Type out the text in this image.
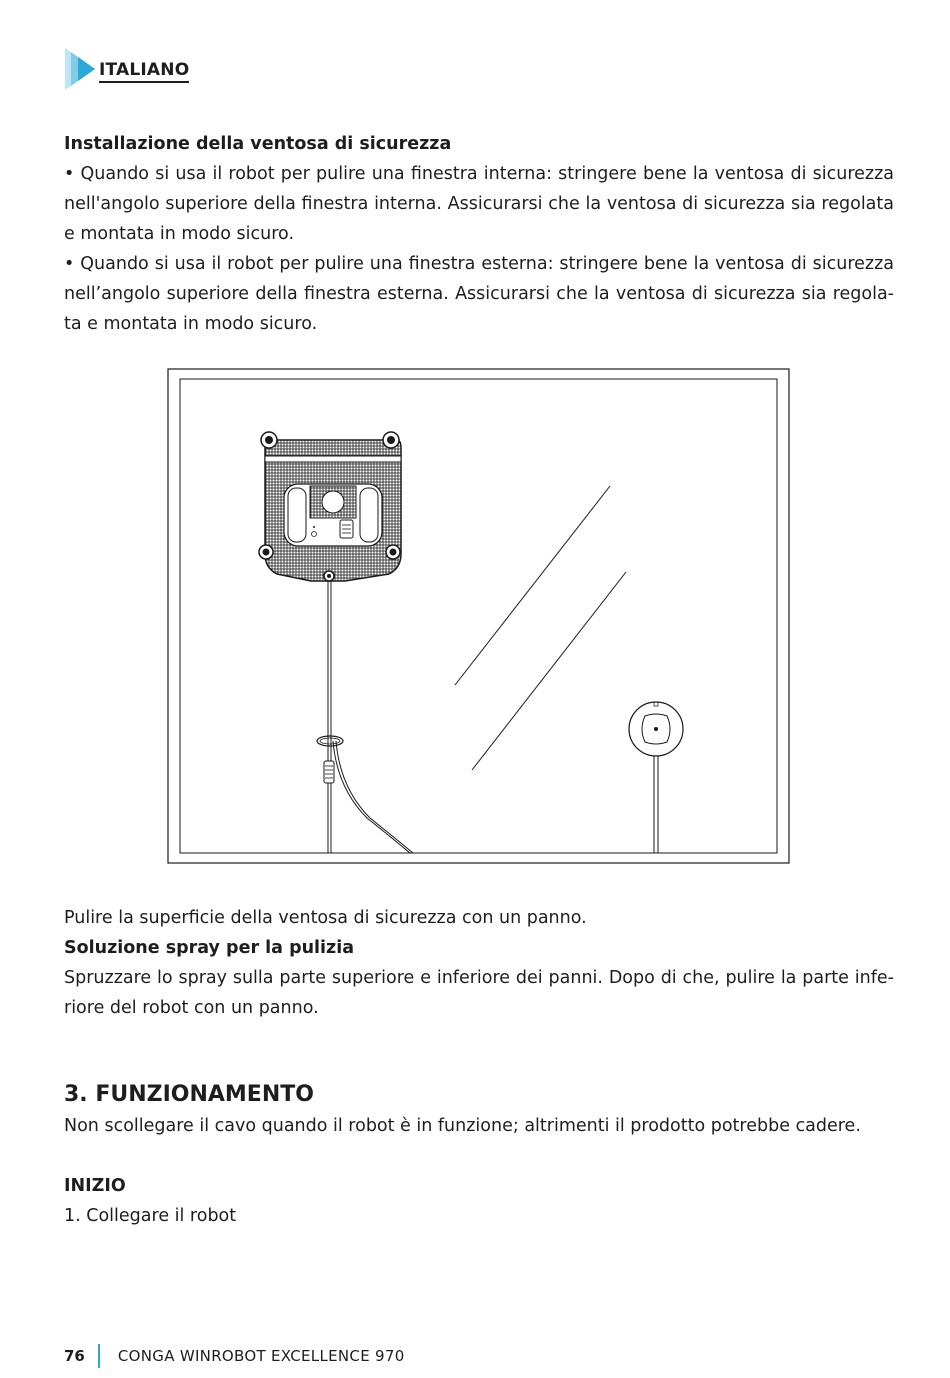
ITALIANO

Installazione della ventosa di sicurezza

• Quando si usa il robot per pulire una finestra interna: stringere bene la ventosa di sicurezza nell'angolo superiore della finestra interna. Assicurarsi che la ventosa di sicurezza sia regolata e montata in modo sicuro.

• Quando si usa il robot per pulire una finestra esterna: stringere bene la ventosa di sicurezza nell’angolo superiore della finestra esterna. Assicurarsi che la ventosa di sicurezza sia regola-ta e montata in modo sicuro.

Pulire la superficie della ventosa di sicurezza con un panno.

Soluzione spray per la pulizia

Spruzzare lo spray sulla parte superiore e inferiore dei panni. Dopo di che, pulire la parte infe-riore del robot con un panno.

3. FUNZIONAMENTO
Non scollegare il cavo quando il robot è in funzione; altrimenti il prodotto potrebbe cadere.
INIZIO
1. Collegare il robot
76 CONGA WINROBOT EXCELLENCE 970
